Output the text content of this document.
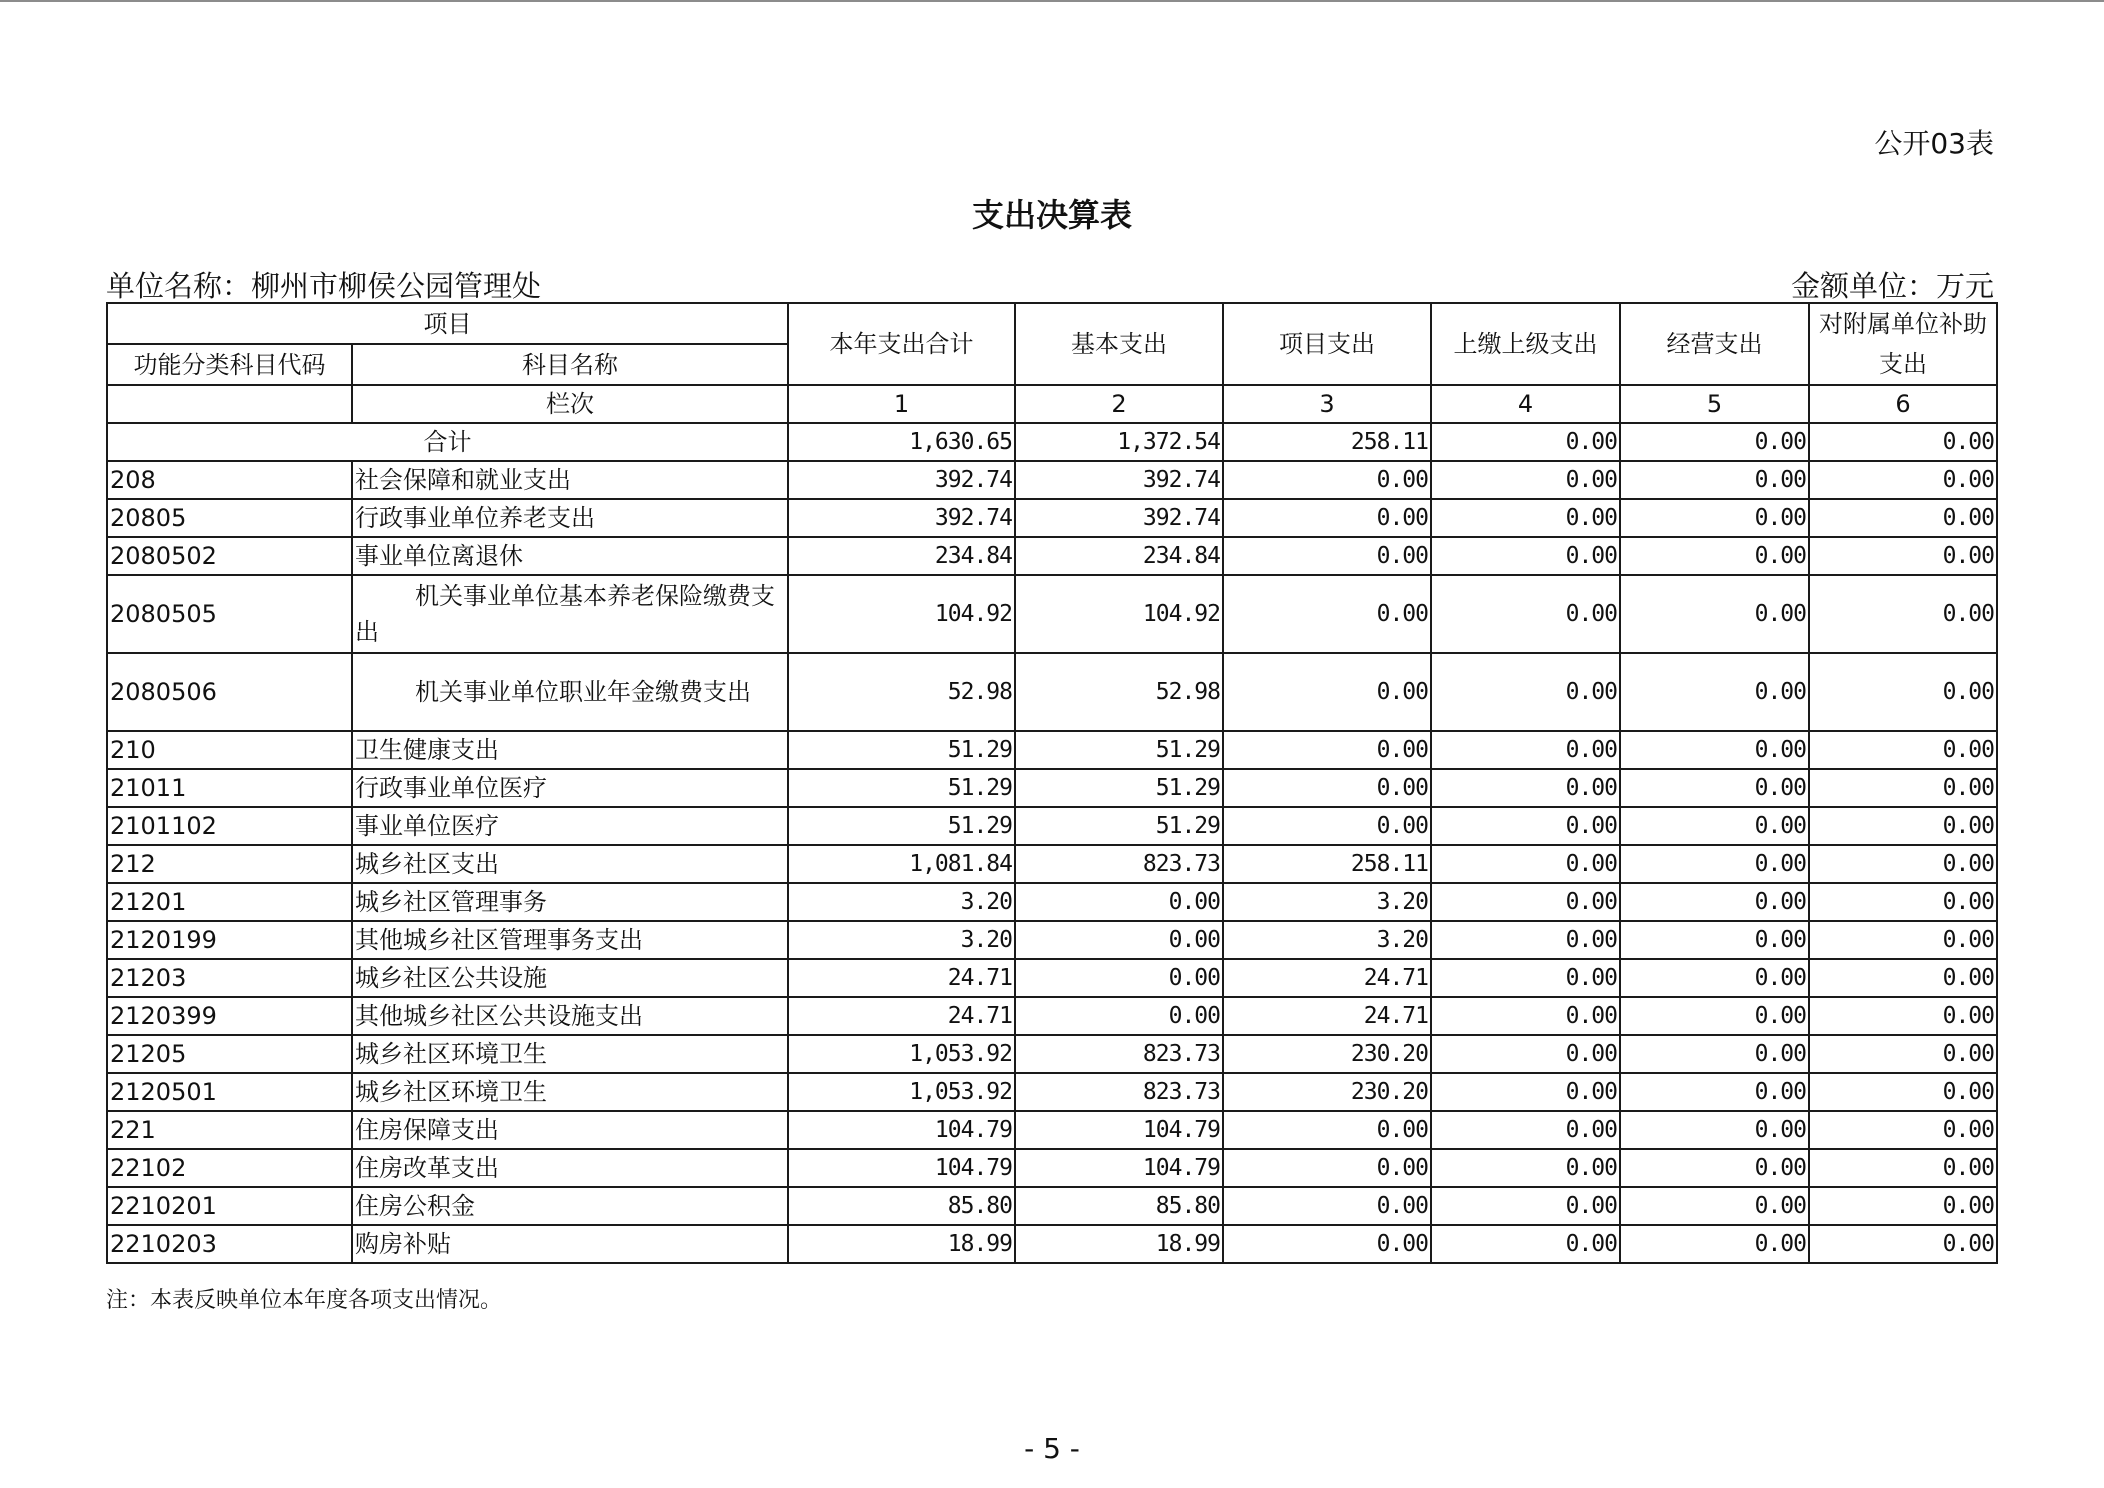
公开03表
支出决算表
单位名称：柳州市柳侯公园管理处	金额单位：万元
项目		本年支出合计	基本支出	项目支出	上缴上级支出	经营支出	对附属单位补助支出
功能分类科目代码	科目名称						
	栏次	1	2	3	4	5	6
合计		1,630.65	1,372.54	258.11	0.00	0.00	0.00
208	社会保障和就业支出	392.74	392.74	0.00	0.00	0.00	0.00
20805	行政事业单位养老支出	392.74	392.74	0.00	0.00	0.00	0.00
2080502	事业单位离退休	234.84	234.84	0.00	0.00	0.00	0.00
2080505	机关事业单位基本养老保险缴费支出	104.92	104.92	0.00	0.00	0.00	0.00
2080506	机关事业单位职业年金缴费支出	52.98	52.98	0.00	0.00	0.00	0.00
210	卫生健康支出	51.29	51.29	0.00	0.00	0.00	0.00
21011	行政事业单位医疗	51.29	51.29	0.00	0.00	0.00	0.00
2101102	事业单位医疗	51.29	51.29	0.00	0.00	0.00	0.00
212	城乡社区支出	1,081.84	823.73	258.11	0.00	0.00	0.00
21201	城乡社区管理事务	3.20	0.00	3.20	0.00	0.00	0.00
2120199	其他城乡社区管理事务支出	3.20	0.00	3.20	0.00	0.00	0.00
21203	城乡社区公共设施	24.71	0.00	24.71	0.00	0.00	0.00
2120399	其他城乡社区公共设施支出	24.71	0.00	24.71	0.00	0.00	0.00
21205	城乡社区环境卫生	1,053.92	823.73	230.20	0.00	0.00	0.00
2120501	城乡社区环境卫生	1,053.92	823.73	230.20	0.00	0.00	0.00
221	住房保障支出	104.79	104.79	0.00	0.00	0.00	0.00
22102	住房改革支出	104.79	104.79	0.00	0.00	0.00	0.00
2210201	住房公积金	85.80	85.80	0.00	0.00	0.00	0.00
2210203	购房补贴	18.99	18.99	0.00	0.00	0.00	0.00
注：本表反映单位本年度各项支出情况。
- 5 -
